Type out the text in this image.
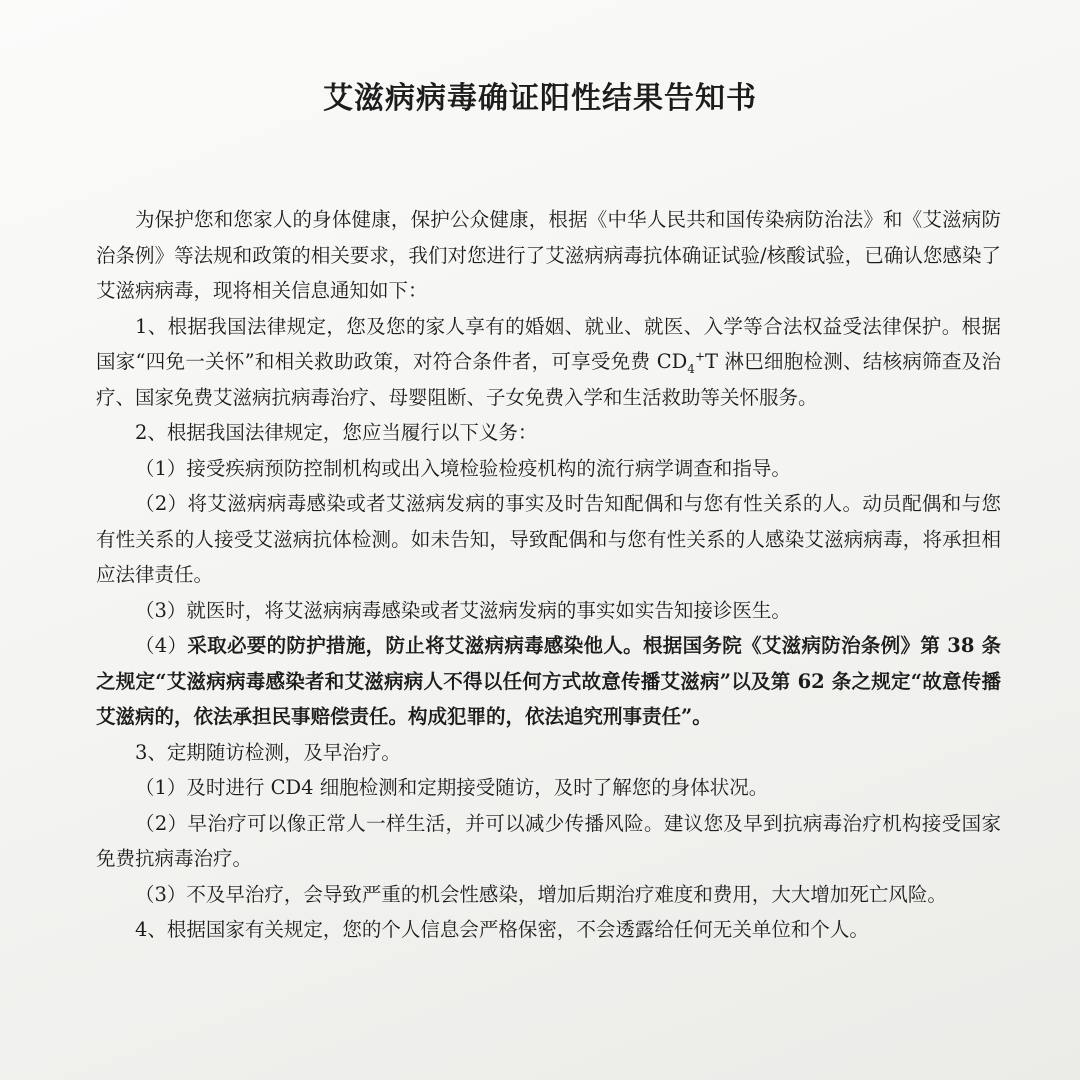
艾滋病病毒确证阳性结果告知书

为保护您和您家人的身体健康，保护公众健康，根据《中华人民共和国传染病防治法》和《艾滋病防治条例》等法规和政策的相关要求，我们对您进行了艾滋病病毒抗体确证试验/核酸试验，已确认您感染了艾滋病病毒，现将相关信息通知如下：

1、根据我国法律规定，您及您的家人享有的婚姻、就业、就医、入学等合法权益受法律保护。根据国家“四免一关怀”和相关救助政策，对符合条件者，可享受免费 $CD_4^+T$ 淋巴细胞检测、结核病筛查及治疗、国家免费艾滋病抗病毒治疗、母婴阻断、子女免费入学和生活救助等关怀服务。

2、根据我国法律规定，您应当履行以下义务：

（1）接受疾病预防控制机构或出入境检验检疫机构的流行病学调查和指导。

（2）将艾滋病病毒感染或者艾滋病发病的事实及时告知配偶和与您有性关系的人。动员配偶和与您有性关系的人接受艾滋病抗体检测。如未告知，导致配偶和与您有性关系的人感染艾滋病病毒，将承担相应法律责任。

（3）就医时，将艾滋病病毒感染或者艾滋病发病的事实如实告知接诊医生。

（4）采取必要的防护措施，防止将艾滋病病毒感染他人。根据国务院《艾滋病防治条例》第 38 条之规定“艾滋病病毒感染者和艾滋病病人不得以任何方式故意传播艾滋病”以及第 62 条之规定“故意传播艾滋病的，依法承担民事赔偿责任。构成犯罪的，依法追究刑事责任”。

3、定期随访检测，及早治疗。

（1）及时进行 CD4 细胞检测和定期接受随访，及时了解您的身体状况。

（2）早治疗可以像正常人一样生活，并可以减少传播风险。建议您及早到抗病毒治疗机构接受国家免费抗病毒治疗。

（3）不及早治疗，会导致严重的机会性感染，增加后期治疗难度和费用，大大增加死亡风险。

4、根据国家有关规定，您的个人信息会严格保密，不会透露给任何无关单位和个人。
